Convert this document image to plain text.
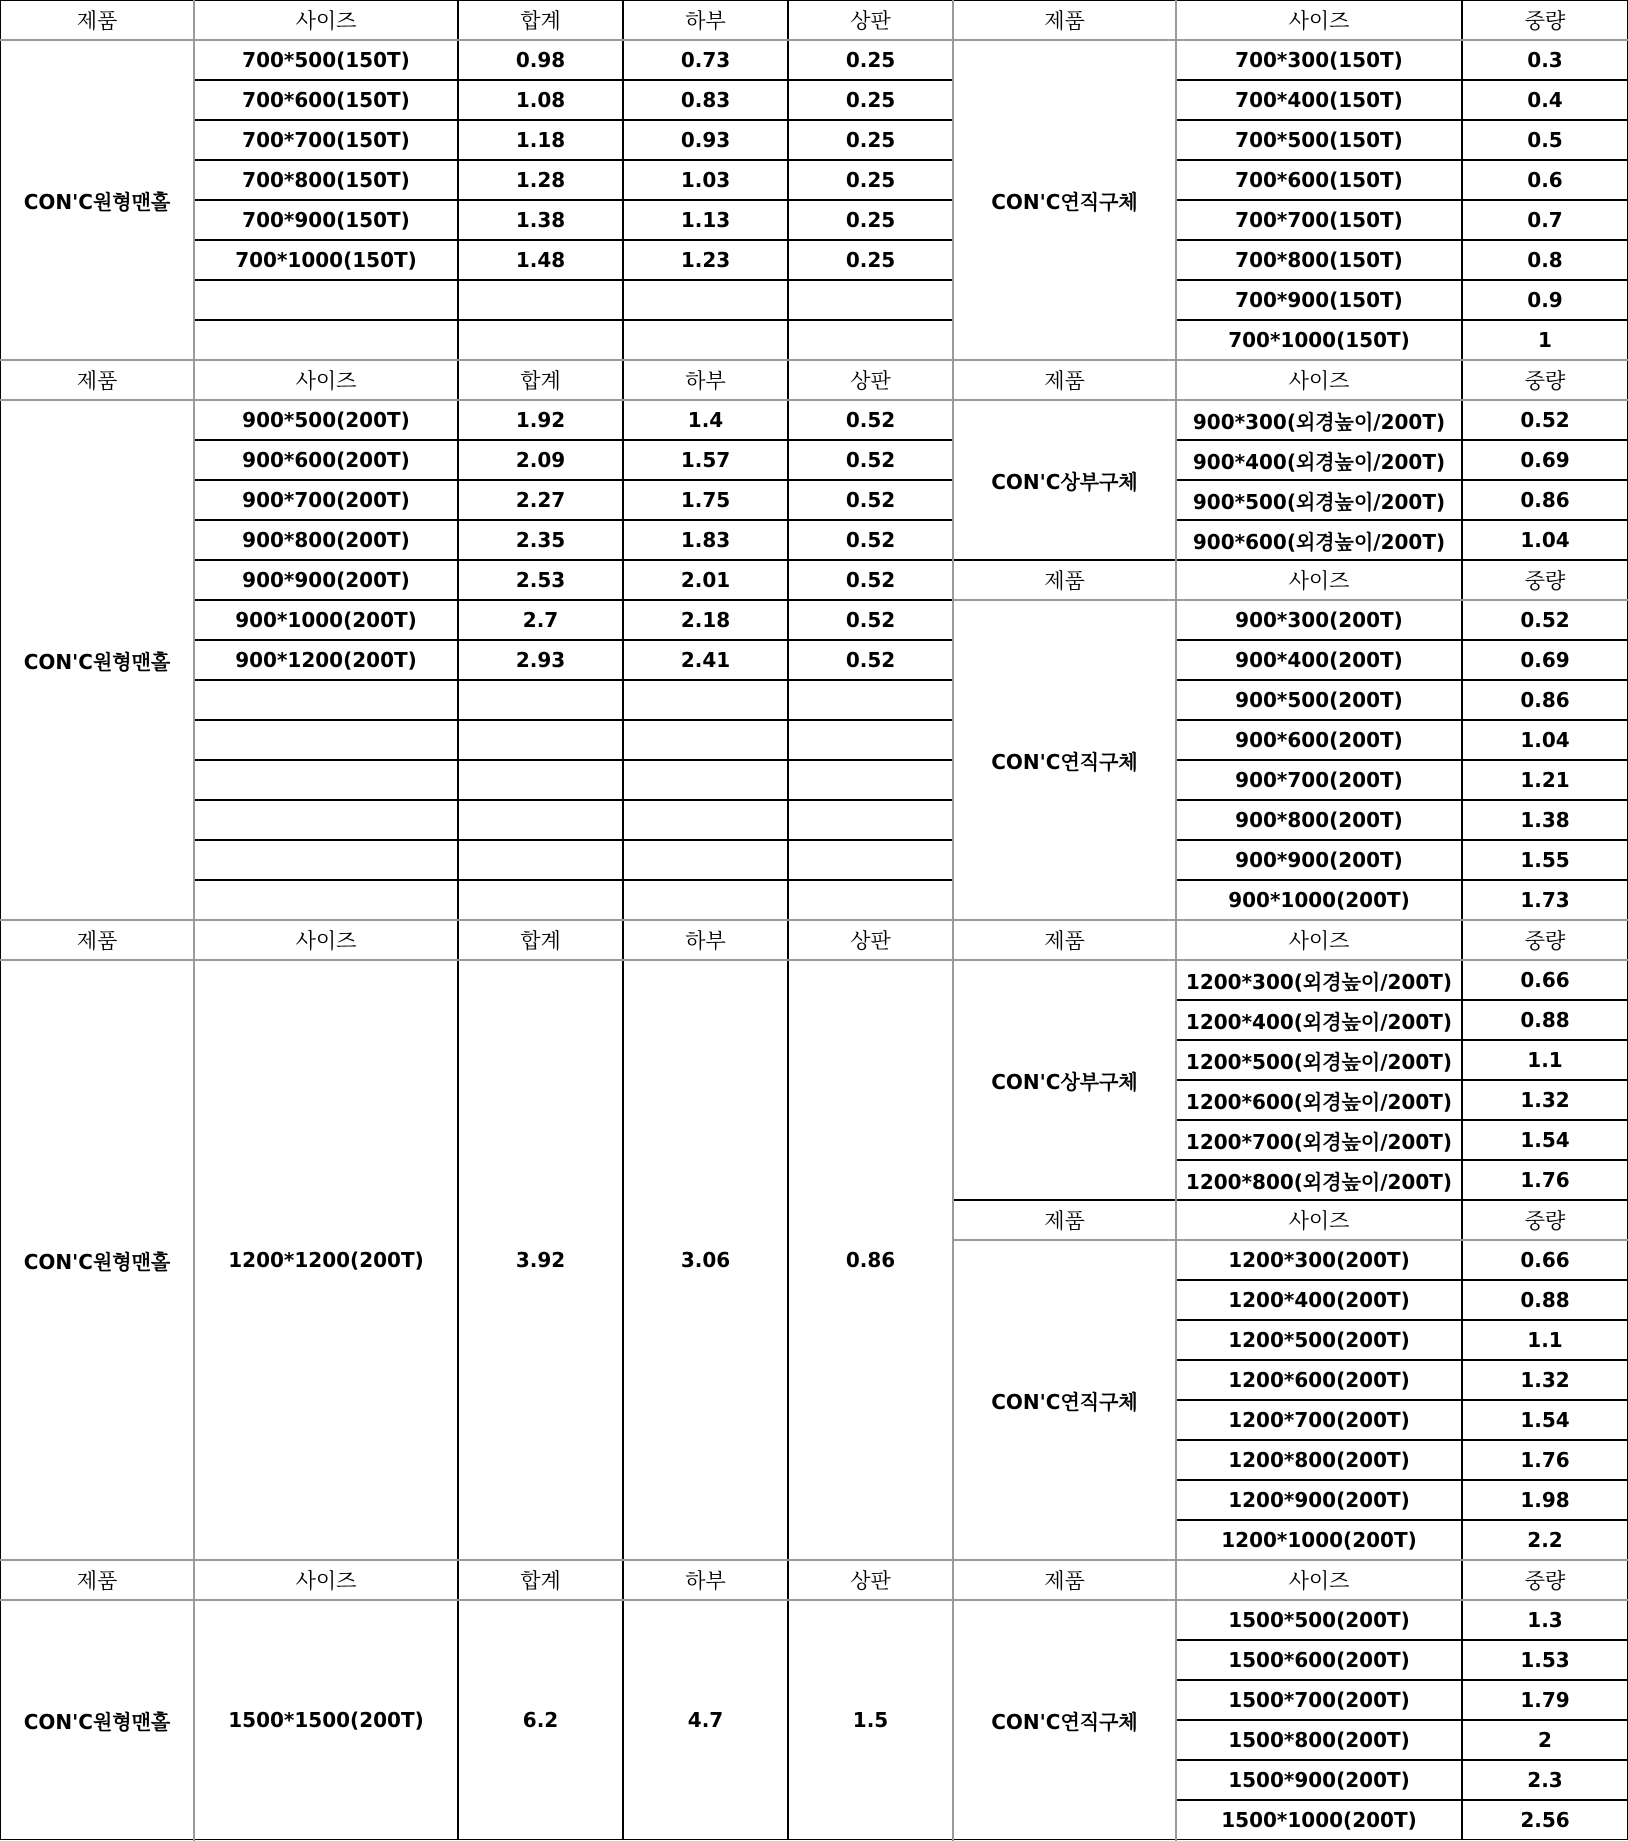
제품	사이즈	합계	하부	상판
CON'C원형맨홀
700*500(150T)	0.98	0.73	0.25
700*600(150T)	1.08	0.83	0.25
700*700(150T)	1.18	0.93	0.25
700*800(150T)	1.28	1.03	0.25
700*900(150T)	1.38	1.13	0.25
700*1000(150T)	1.48	1.23	0.25
제품	사이즈	합계	하부	상판
CON'C원형맨홀
900*500(200T)	1.92	1.4	0.52
900*600(200T)	2.09	1.57	0.52
900*700(200T)	2.27	1.75	0.52
900*800(200T)	2.35	1.83	0.52
900*900(200T)	2.53	2.01	0.52
900*1000(200T)	2.7	2.18	0.52
900*1200(200T)	2.93	2.41	0.52
제품	사이즈	합계	하부	상판
CON'C원형맨홀	1200*1200(200T)	3.92	3.06	0.86
제품	사이즈	합계	하부	상판
CON'C원형맨홀	1500*1500(200T)	6.2	4.7	1.5
제품	사이즈	중량
CON'C연직구체
700*300(150T)	0.3
700*400(150T)	0.4
700*500(150T)	0.5
700*600(150T)	0.6
700*700(150T)	0.7
700*800(150T)	0.8
700*900(150T)	0.9
700*1000(150T)	1
제품	사이즈	중량
CON'C상부구체
900*300(외경높이/200T)	0.52
900*400(외경높이/200T)	0.69
900*500(외경높이/200T)	0.86
900*600(외경높이/200T)	1.04
제품	사이즈	중량
CON'C연직구체
900*300(200T)	0.52
900*400(200T)	0.69
900*500(200T)	0.86
900*600(200T)	1.04
900*700(200T)	1.21
900*800(200T)	1.38
900*900(200T)	1.55
900*1000(200T)	1.73
제품	사이즈	중량
CON'C상부구체
1200*300(외경높이/200T)	0.66
1200*400(외경높이/200T)	0.88
1200*500(외경높이/200T)	1.1
1200*600(외경높이/200T)	1.32
1200*700(외경높이/200T)	1.54
1200*800(외경높이/200T)	1.76
제품	사이즈	중량
CON'C연직구체
1200*300(200T)	0.66
1200*400(200T)	0.88
1200*500(200T)	1.1
1200*600(200T)	1.32
1200*700(200T)	1.54
1200*800(200T)	1.76
1200*900(200T)	1.98
1200*1000(200T)	2.2
제품	사이즈	중량
CON'C연직구체
1500*500(200T)	1.3
1500*600(200T)	1.53
1500*700(200T)	1.79
1500*800(200T)	2
1500*900(200T)	2.3
1500*1000(200T)	2.56
